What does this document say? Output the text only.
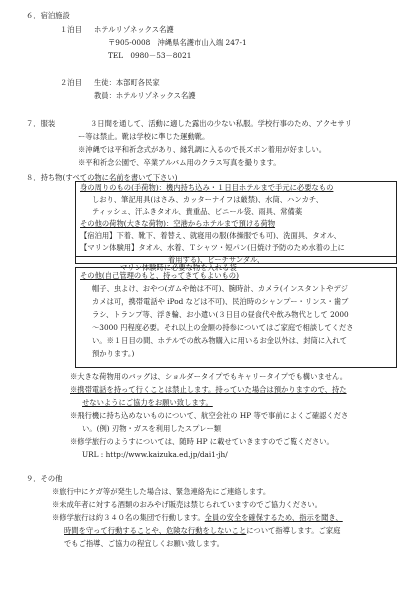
６．宿泊施設
１泊目 ホテルリゾネックス名護
〒905-0008　沖縄県名護市山入端 247-1
TEL　0980－53－8021
２泊目 生徒：本部町各民家
教員：ホテルリゾネックス名護
７．服装	３日間を通して、活動に適した露出の少ない私服。学校行事のため、アクセサリ
ー等は禁止。靴は学校に準じた運動靴。
※沖縄では平和祈念式があり、縁乳調に入るので長ズボン着用が好ましい。
※平和祈念公園で、卒業アルバム用のクラス写真を撮ります。
８．持ち物(すべての物に名前を書いて下さい)
身の周りのもの(手荷物)：機内持ち込み・１日目ホテルまで手元に必要なもの
しおり、筆記用具(はさみ、カッターナイフは厳禁)、水筒、ハンカチ、
ティッシュ、汗ふきタオル、貴重品、ビニール袋、雨具、常備薬
その他の荷物(大きな荷物)：空港からホテルまで預ける荷物
【宿泊用】下着、靴下、着替え、就寝用の服(体操服でも可)、洗面具、タオル、
【マリン体験用】タオル、水着、Ｔシャツ・短パン(日焼け予防のため水着の上に
着用する)、ビーチサンダル、
マリン体験時に必要な物を入れる袋
その他(自己管理のもと、持ってきてもよいもの)
帽子、虫よけ、おやつ(ガムや飴は不可)、腕時計、カメラ(インスタントやデジ
カメは可，携帯電話や iPod などは不可)、民泊時のシャンプー・リンス・歯ブ
ラシ、トランプ等、浮き輪、お小遣い(３日目の昼食代や飲み物代として 2000
～3000 円程度必要。それ以上の金額の持参についてはご家庭で相談してくださ
い。※１日目の間、ホテルでの飲み物購入に用いるお金以外は、封筒に入れて
預かります。)
※大きな荷物用のバッグは、ショルダータイプでもキャリータイプでも構いません。
※携帯電話を持って行くことは禁止します。持っていた場合は預かりますので、持た
せないようにご協力をお願い致します。
※飛行機に持ち込めないものについて、航空会社の HP 等で事前によくご確認くださ
い。(例) 刃物・ガスを利用したスプレー類
※修学旅行のようすについては、随時 HP に載せていきますのでご覧ください。
URL : http://www.kaizuka.ed.jp/dai1-jh/
９．その他
※旅行中にケガ等が発生した場合は、緊急連絡先にご連絡します。
※未成年者に対する酒類のおみやげ販売は禁じられていますのでご協力ください。
※修学旅行は約３４０名の集団で行動します。全員の安全を確保するため、指示を聞き、
時間を守って行動することや、危険な行動をしないことについて指導します。ご家庭
でもご指導、ご協力の程宜しくお願い致します。
